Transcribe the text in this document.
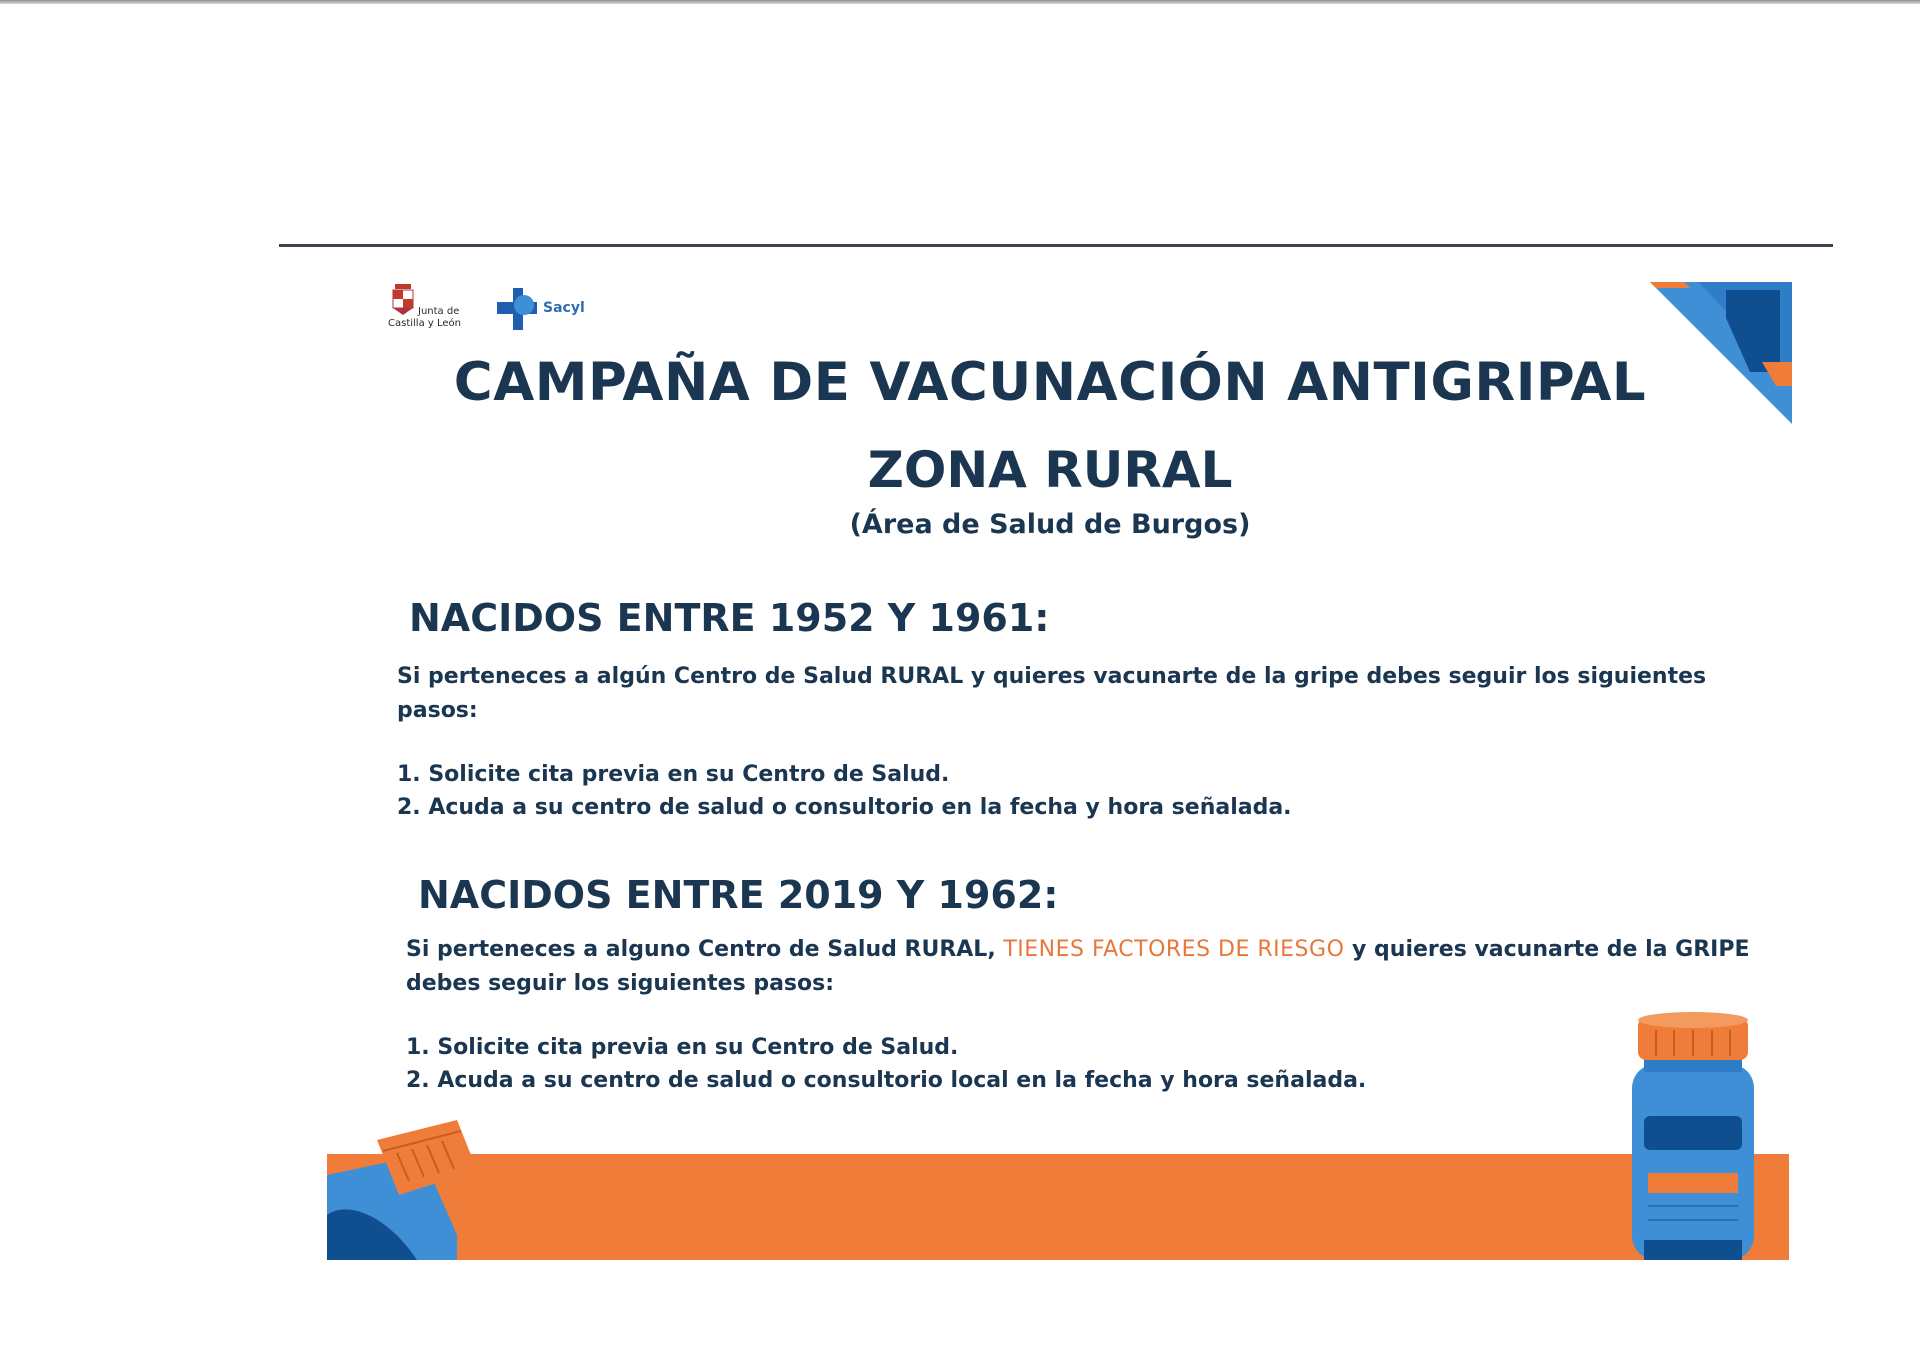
Junta de
Castilla y León
Sacyl
CAMPAÑA DE VACUNACIÓN ANTIGRIPAL
ZONA RURAL
(Área de Salud de Burgos)
NACIDOS ENTRE 1952 Y 1961:
Si perteneces a algún Centro de Salud RURAL y quieres vacunarte de la gripe debes seguir los siguientes pasos:
1. Solicite cita previa en su Centro de Salud.
2. Acuda a su centro de salud o consultorio en la fecha y hora señalada.
NACIDOS ENTRE 2019 Y 1962:
Si perteneces a alguno Centro de Salud RURAL, TIENES FACTORES DE RIESGO y quieres vacunarte de la GRIPE debes seguir los siguientes pasos:
1. Solicite cita previa en su Centro de Salud.
2. Acuda a su centro de salud o consultorio local en la fecha y hora señalada.
